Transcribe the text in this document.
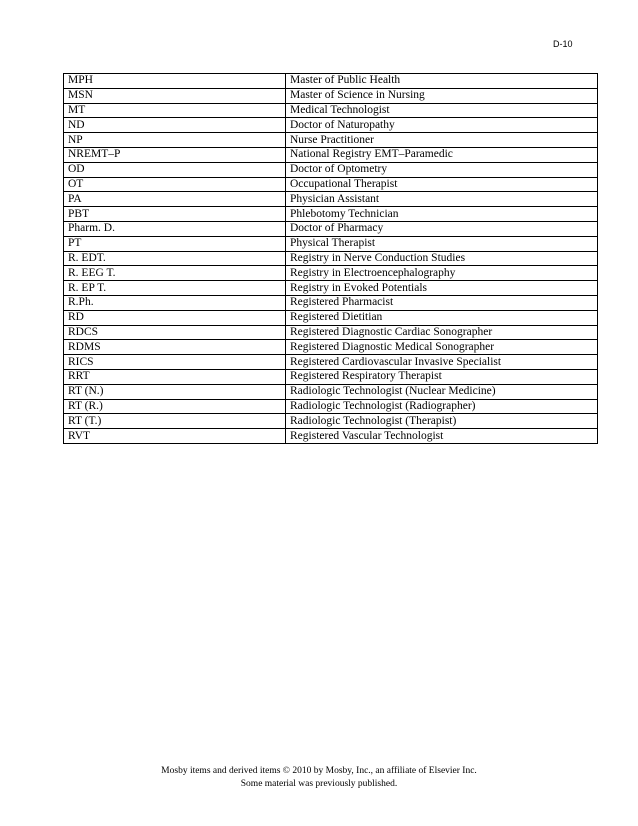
D-10
MPH	Master of Public Health
MSN	Master of Science in Nursing
MT	Medical Technologist
ND	Doctor of Naturopathy
NP	Nurse Practitioner
NREMT–P	National Registry EMT–Paramedic
OD	Doctor of Optometry
OT	Occupational Therapist
PA	Physician Assistant
PBT	Phlebotomy Technician
Pharm. D.	Doctor of Pharmacy
PT	Physical Therapist
R. EDT.	Registry in Nerve Conduction Studies
R. EEG T.	Registry in Electroencephalography
R. EP T.	Registry in Evoked Potentials
R.Ph.	Registered Pharmacist
RD	Registered Dietitian
RDCS	Registered Diagnostic Cardiac Sonographer
RDMS	Registered Diagnostic Medical Sonographer
RICS	Registered Cardiovascular Invasive Specialist
RRT	Registered Respiratory Therapist
RT (N.)	Radiologic Technologist (Nuclear Medicine)
RT (R.)	Radiologic Technologist (Radiographer)
RT (T.)	Radiologic Technologist (Therapist)
RVT	Registered Vascular Technologist
Mosby items and derived items © 2010 by Mosby, Inc., an affiliate of Elsevier Inc.
Some material was previously published.
